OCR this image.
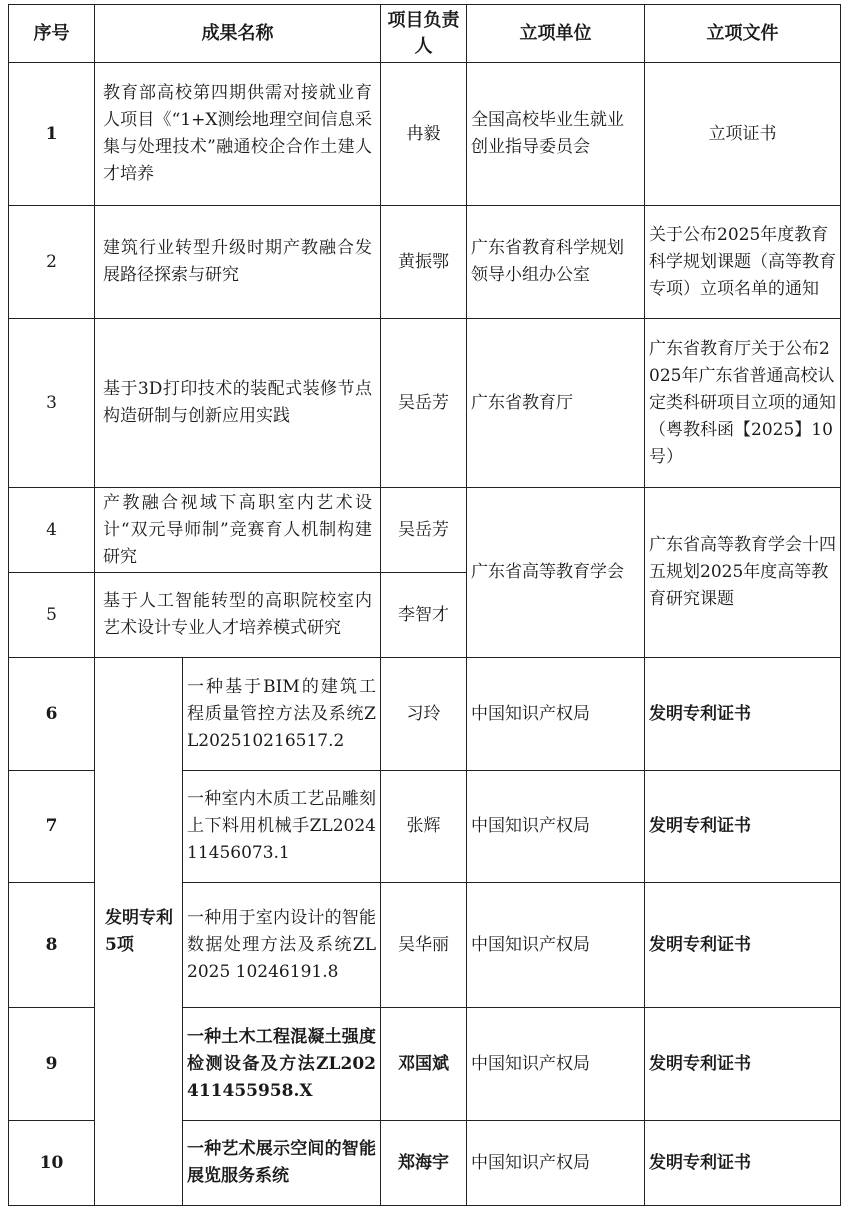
序号	成果名称		项目负责人	立项单位	立项文件
1	教育部高校第四期供需对接就业育人项目《“1+X测绘地理空间信息采集与处理技术”融通校企合作土建人才培养		冉毅	全国高校毕业生就业创业指导委员会	立项证书
2	建筑行业转型升级时期产教融合发展路径探索与研究		黄振鄂	广东省教育科学规划领导小组办公室	关于公布2025年度教育科学规划课题（高等教育专项）立项名单的通知
3	基于3D打印技术的装配式装修节点构造研制与创新应用实践		吴岳芳	广东省教育厅	广东省教育厅关于公布2025年广东省普通高校认定类科研项目立项的通知（粤教科函【2025】10号）
4	产教融合视域下高职室内艺术设计“双元导师制”竞赛育人机制构建研究		吴岳芳	广东省高等教育学会	广东省高等教育学会十四五规划2025年度高等教育研究课题
5	基于人工智能转型的高职院校室内艺术设计专业人才培养模式研究		李智才		
6	发明专利5项	一种基于BIM的建筑工程质量管控方法及系统ZL202510216517.2	习玲	中国知识产权局	发明专利证书
7		一种室内木质工艺品雕刻上下料用机械手ZL202411456073.1	张辉	中国知识产权局	发明专利证书
8		一种用于室内设计的智能数据处理方法及系统ZL 2025 10246191.8	吴华丽	中国知识产权局	发明专利证书
9		一种土木工程混凝土强度检测设备及方法ZL202411455958.X	邓国斌	中国知识产权局	发明专利证书
10		一种艺术展示空间的智能展览服务系统	郑海宇	中国知识产权局	发明专利证书
